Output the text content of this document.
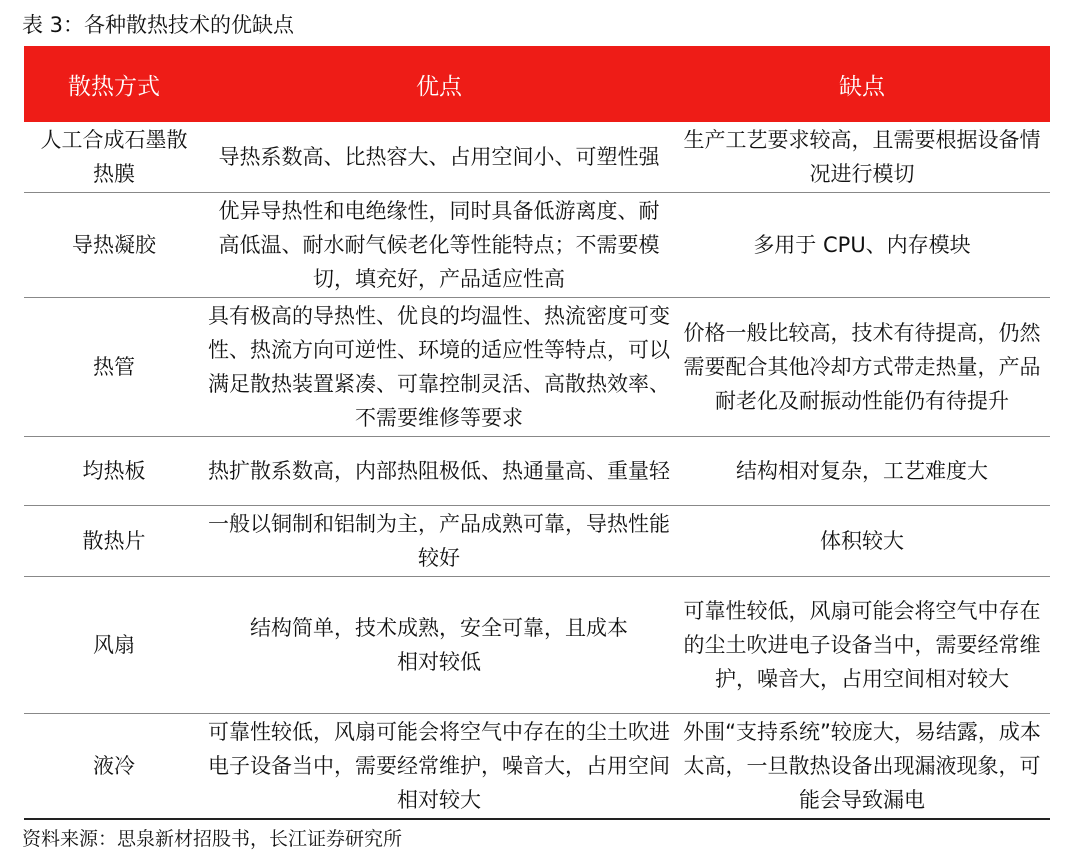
表 3：各种散热技术的优缺点
散热方式	优点	缺点
人工合成石墨散热膜	导热系数高、比热容大、占用空间小、可塑性强	生产工艺要求较高，且需要根据设备情况进行模切
导热凝胶	优异导热性和电绝缘性，同时具备低游离度、耐高低温、耐水耐气候老化等性能特点；不需要模切，填充好，产品适应性高	多用于 CPU、内存模块
热管	具有极高的导热性、优良的均温性、热流密度可变性、热流方向可逆性、环境的适应性等特点，可以满足散热装置紧凑、可靠控制灵活、高散热效率、不需要维修等要求	价格一般比较高，技术有待提高，仍然需要配合其他冷却方式带走热量，产品耐老化及耐振动性能仍有待提升
均热板	热扩散系数高，内部热阻极低、热通量高、重量轻	结构相对复杂，工艺难度大
散热片	一般以铜制和铝制为主，产品成熟可靠，导热性能较好	体积较大
风扇	结构简单，技术成熟，安全可靠，且成本相对较低	可靠性较低，风扇可能会将空气中存在的尘土吹进电子设备当中，需要经常维护，噪音大，占用空间相对较大
液冷	可靠性较低，风扇可能会将空气中存在的尘土吹进电子设备当中，需要经常维护，噪音大，占用空间相对较大	外围“支持系统”较庞大，易结露，成本太高，一旦散热设备出现漏液现象，可能会导致漏电
资料来源：思泉新材招股书，长江证券研究所
